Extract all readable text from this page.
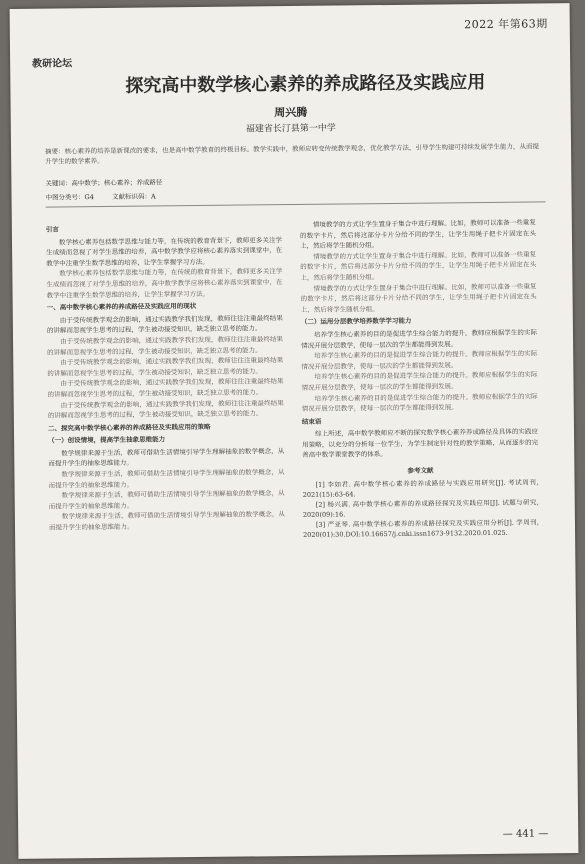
2022 年第63期
教研论坛
探究高中数学核心素养的养成路径及实践应用
周兴腾
福建省长汀县第一中学
摘要：核心素养的培养是新课改的要求，也是高中数学教育的终极目标。教学实践中，教师应转变传统教学观念，优化教学方法，引导学生构建可持续发展学生能力，从而提升学生的数学素养。
关键词：高中数学；核心素养；养成路径
中图分类号：G4	文献标识码：A

引言

数学核心素养包括数学思维与能力等，在传统的教育背景下，教师更多关注学生成绩而忽视了对学生思维的培养，高中数学教学应将核心素养落实到课堂中，在教学中注重学生数学思维的培养，让学生掌握学习方法。

数学核心素养包括数学思维与能力等，在传统的教育背景下，教师更多关注学生成绩而忽视了对学生思维的培养，高中数学教学应将核心素养落实到课堂中，在教学中注重学生数学思维的培养，让学生掌握学习方法。

一、高中数学核心素养的养成路径及实践应用的现状

由于受传统教学观念的影响，通过实践教学我们发现，教师往往注重最终结果的讲解而忽视学生思考的过程，学生被动接受知识，缺乏独立思考的能力。

由于受传统教学观念的影响，通过实践教学我们发现，教师往往注重最终结果的讲解而忽视学生思考的过程，学生被动接受知识，缺乏独立思考的能力。

由于受传统教学观念的影响，通过实践教学我们发现，教师往往注重最终结果的讲解而忽视学生思考的过程，学生被动接受知识，缺乏独立思考的能力。

由于受传统教学观念的影响，通过实践教学我们发现，教师往往注重最终结果的讲解而忽视学生思考的过程，学生被动接受知识，缺乏独立思考的能力。

由于受传统教学观念的影响，通过实践教学我们发现，教师往往注重最终结果的讲解而忽视学生思考的过程，学生被动接受知识，缺乏独立思考的能力。

二、探究高中数学核心素养的养成路径及实践应用的策略

（一）创设情境，提高学生抽象思维能力

数学规律来源于生活，教师可借助生活情境引导学生理解抽象的数学概念，从而提升学生的抽象思维能力。

数学规律来源于生活，教师可借助生活情境引导学生理解抽象的数学概念，从而提升学生的抽象思维能力。

数学规律来源于生活，教师可借助生活情境引导学生理解抽象的数学概念，从而提升学生的抽象思维能力。

数学规律来源于生活，教师可借助生活情境引导学生理解抽象的数学概念，从而提升学生的抽象思维能力。

情境教学的方式让学生置身于集合中进行理解。比如，教师可以准备一些重复的数字卡片，然后将这部分卡片分给不同的学生，让学生用绳子把卡片固定在头上，然后将学生随机分组。

情境教学的方式让学生置身于集合中进行理解。比如，教师可以准备一些重复的数字卡片，然后将这部分卡片分给不同的学生，让学生用绳子把卡片固定在头上，然后将学生随机分组。

情境教学的方式让学生置身于集合中进行理解。比如，教师可以准备一些重复的数字卡片，然后将这部分卡片分给不同的学生，让学生用绳子把卡片固定在头上，然后将学生随机分组。

（二）运用分层教学培养数学学习能力

培养学生核心素养的目的是促进学生综合能力的提升。教师应根据学生的实际情况开展分层教学，使每一层次的学生都能得到发展。

培养学生核心素养的目的是促进学生综合能力的提升。教师应根据学生的实际情况开展分层教学，使每一层次的学生都能得到发展。

培养学生核心素养的目的是促进学生综合能力的提升。教师应根据学生的实际情况开展分层教学，使每一层次的学生都能得到发展。

培养学生核心素养的目的是促进学生综合能力的提升。教师应根据学生的实际情况开展分层教学，使每一层次的学生都能得到发展。

结束语

综上所述，高中数学教师应不断的探究数学核心素养养成路径及具体的实践应用策略，以充分的分析每一位学生，为学生制定针对性的教学策略，从而逐步的完善高中数学课堂教学的体系。

参考文献

[1] 李如君. 高中数学核心素养的养成路径与实践应用研究[J]. 考试周刊, 2021(15):63-64.

[2] 杨兴满. 高中数学核心素养的养成路径探究及实践应用[J]. 试题与研究, 2020(09):16.

[3] 严亚琴. 高中数学核心素养的养成路径探究及实践应用分析[J]. 学周刊, 2020(01):30.DOI:10.16657/j.cnki.issn1673-9132.2020.01.025.

— 441 —
